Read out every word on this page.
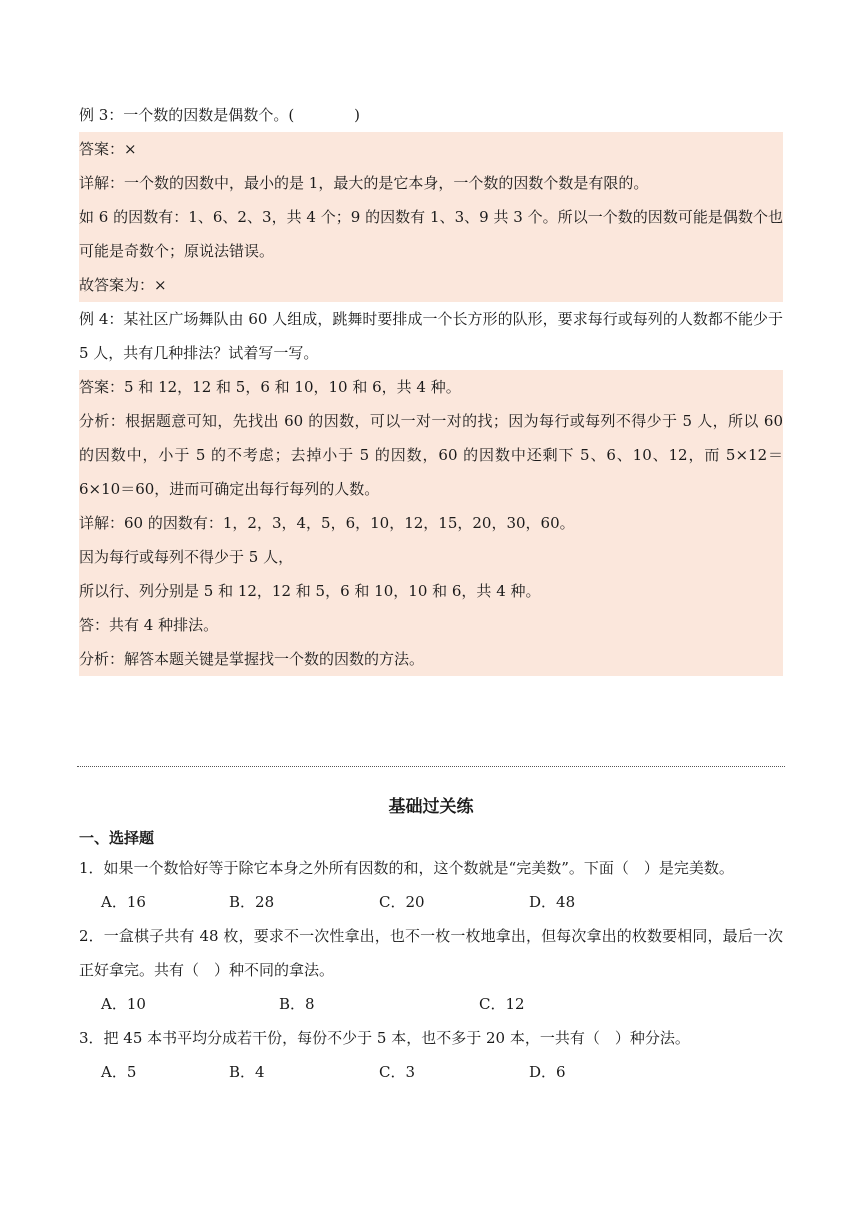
例 3：一个数的因数是偶数个。(　　　　)
答案：×
详解：一个数的因数中，最小的是 1，最大的是它本身，一个数的因数个数是有限的。
如 6 的因数有：1、6、2、3，共 4 个；9 的因数有 1、3、9 共 3 个。所以一个数的因数可能是偶数个也可能是奇数个；原说法错误。
故答案为：×
例 4：某社区广场舞队由 60 人组成，跳舞时要排成一个长方形的队形，要求每行或每列的人数都不能少于 5 人，共有几种排法？试着写一写。
答案：5 和 12，12 和 5，6 和 10，10 和 6，共 4 种。
分析：根据题意可知，先找出 60 的因数，可以一对一对的找；因为每行或每列不得少于 5 人，所以 60 的因数中，小于 5 的不考虑；去掉小于 5 的因数，60 的因数中还剩下 5、6、10、12，而 5×12＝6×10＝60，进而可确定出每行每列的人数。
详解：60 的因数有：1，2，3，4，5，6，10，12，15，20，30，60。
因为每行或每列不得少于 5 人，
所以行、列分别是 5 和 12，12 和 5，6 和 10，10 和 6，共 4 种。
答：共有 4 种排法。
分析：解答本题关键是掌握找一个数的因数的方法。
基础过关练
一、选择题
1．如果一个数恰好等于除它本身之外所有因数的和，这个数就是“完美数”。下面（　）是完美数。
A．16	B．28	C．20	D．48
2．一盒棋子共有 48 枚，要求不一次性拿出，也不一枚一枚地拿出，但每次拿出的枚数要相同，最后一次正好拿完。共有（　）种不同的拿法。
A．10	B．8	C．12
3．把 45 本书平均分成若干份，每份不少于 5 本，也不多于 20 本，一共有（　）种分法。
A．5	B．4	C．3	D．6
